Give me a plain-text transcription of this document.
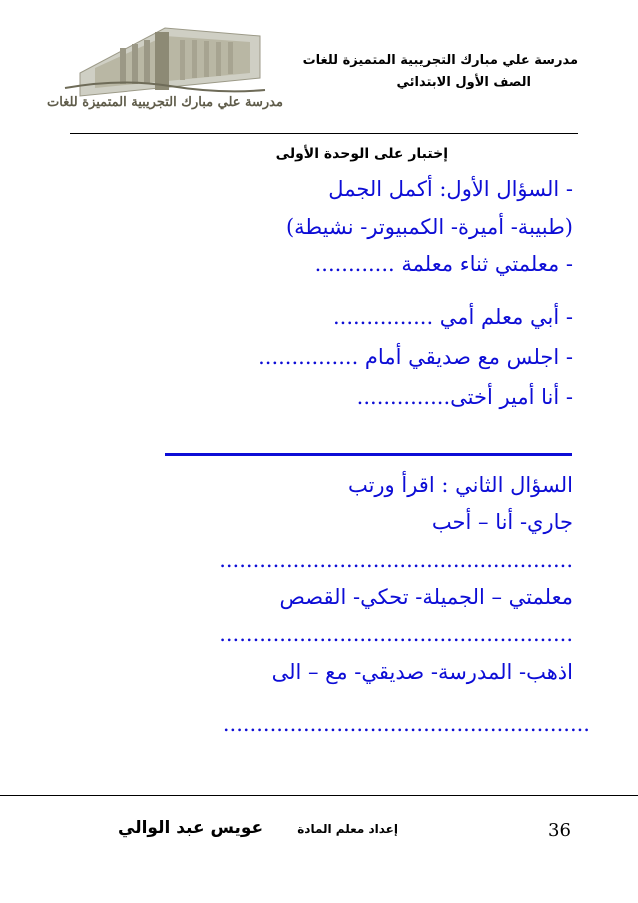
مدرسة علي مبارك التجريبية المتميزة للغات
مدرسة علي مبارك التجريبية المتميزة للغات
الصف الأول الابتدائي
إختبار على الوحدة الأولى
- السؤال الأول: أكمل الجمل
(طبيبة- أميرة- الكمبيوتر- نشيطة)
- معلمتي ثناء معلمة ............
- أبي معلم أمي ...............
- اجلس مع صديقي أمام ...............
- أنا أمير أختى..............
السؤال الثاني : اقرأ ورتب
جاري- أنا – أحب
.....................................................
معلمتي – الجميلة- تحكي- القصص
.....................................................
اذهب- المدرسة- صديقي- مع – الى
.......................................................
36
إعداد معلم المادة
عويس عبد الوالي
